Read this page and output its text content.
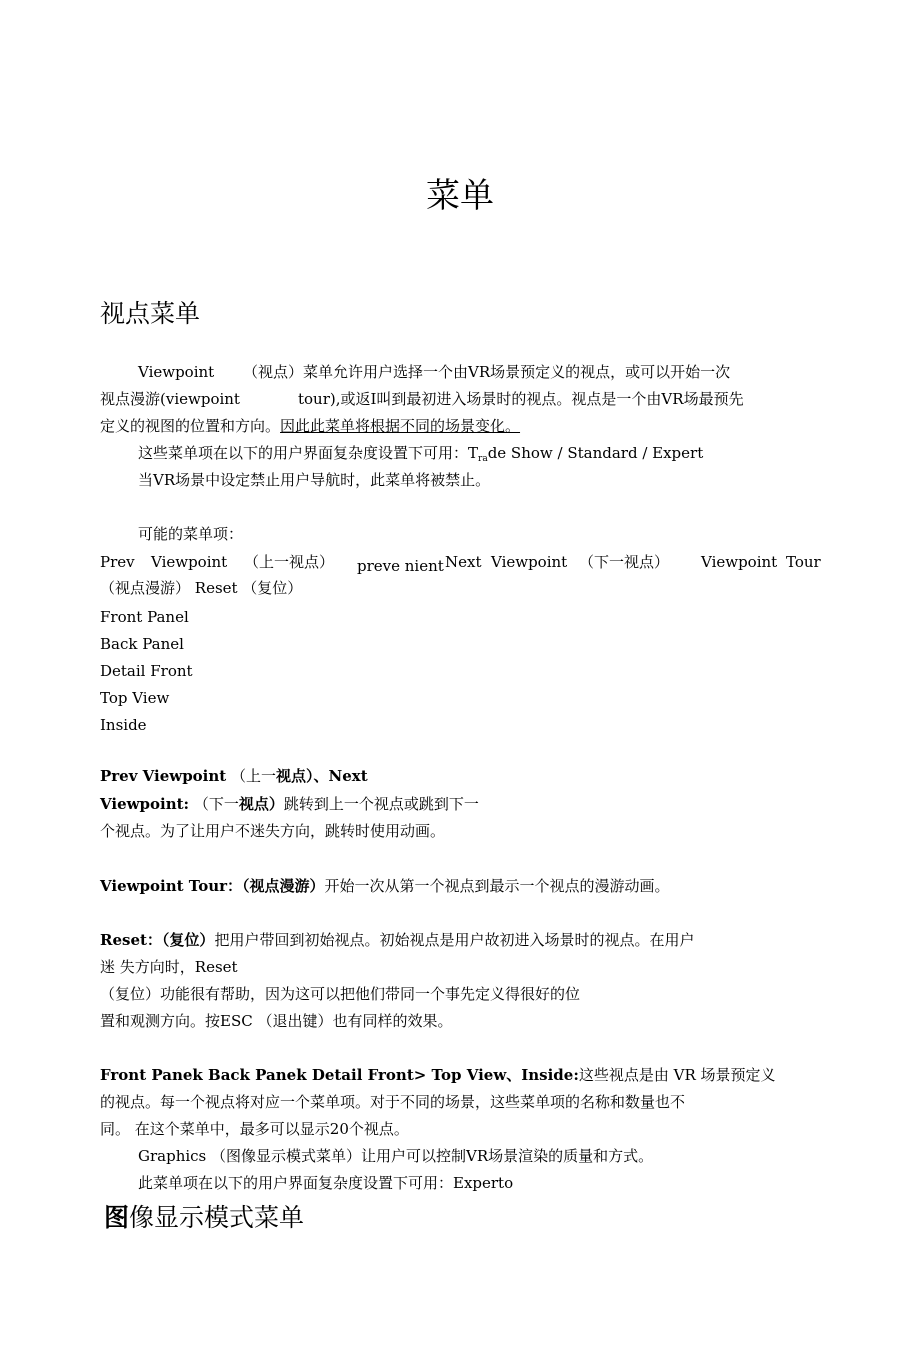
菜单
视点菜单
Viewpoint （视点）菜单允许用户选择一个由VR场景预定义的视点，或可以开始一次
视点漫游(viewpoint	tour),或返I叫到最初进入场景时的视点。视点是一个由VR场最预先
定义的视图的位置和方向。因此此菜单将根据不同的场景变化。
这些菜单项在以下的用户界面复杂度设置下可用：$T_{ra}de$ Show / Standard / Expert
当VR场景中设定禁止用户导航时，此菜单将被禁止。
可能的菜单项：
Prev Viewpoint （上一视点） preve nient Next Viewpoint （下一视点） Viewpoint Tour
（视点漫游） Reset （复位）
Front Panel
Back Panel
Detail Front
Top View
Inside
Prev Viewpoint （上一视点）、Next
Viewpoint: （下一视点）跳转到上一个视点或跳到下一
个视点。为了让用户不迷失方向，跳转时使用动画。
Viewpoint Tour：（视点漫游）开始一次从第一个视点到最示一个视点的漫游动画。
Reset：（复位）把用户带回到初始视点。初始视点是用户故初进入场景时的视点。在用户
迷 失方向时，Reset
（复位）功能很有帮助，因为这可以把他们带同一个事先定义得很好的位
置和观测方向。按ESC （退出键）也有同样的效果。
Front Panek Back Panek Detail Front> Top View、Inside:这些视点是由 VR 场景预定义
的视点。每一个视点将对应一个菜单项。对于不同的场景，这些菜单项的名称和数量也不
同。 在这个菜单中，最多可以显示20个视点。
Graphics （图像显示模式菜单）让用户可以控制VR场景渲染的质量和方式。
此菜单项在以下的用户界面复杂度设置下可用：Experto
图像显示模式菜单
